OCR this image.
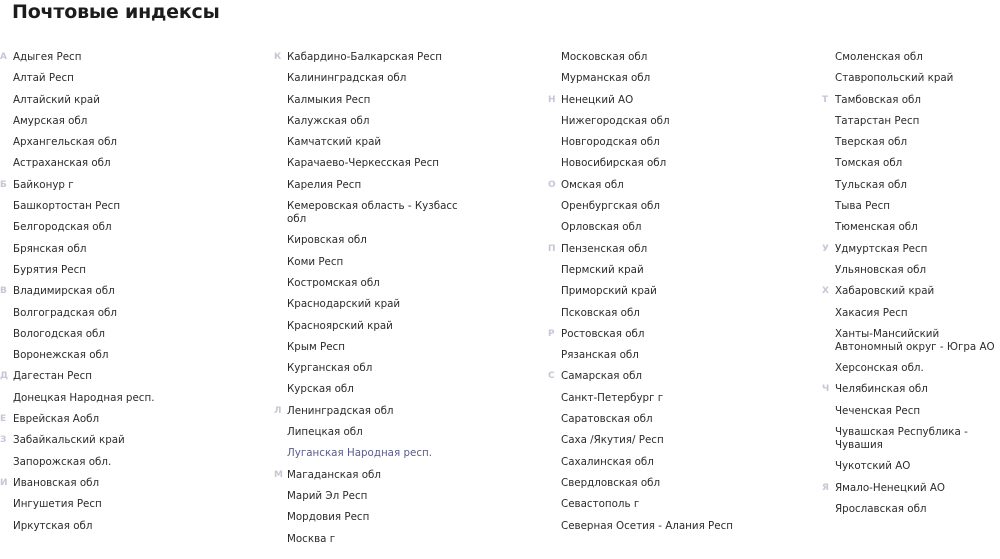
Почтовые индексы
А Адыгея Респ
Алтай Респ
Алтайский край
Амурская обл
Архангельская обл
Астраханская обл
Б Байконур г
Башкортостан Респ
Белгородская обл
Брянская обл
Бурятия Респ
В Владимирская обл
Волгоградская обл
Вологодская обл
Воронежская обл
Д Дагестан Респ
Донецкая Народная респ.
Е Еврейская Аобл
З Забайкальский край
Запорожская обл.
И Ивановская обл
Ингушетия Респ
Иркутская обл
К Кабардино-Балкарская Респ
Калининградская обл
Калмыкия Респ
Калужская обл
Камчатский край
Карачаево-Черкесская Респ
Карелия Респ
Кемеровская область - Кузбасс обл
Кировская обл
Коми Респ
Костромская обл
Краснодарский край
Красноярский край
Крым Респ
Курганская обл
Курская обл
Л Ленинградская обл
Липецкая обл
Луганская Народная респ.
М Магаданская обл
Марий Эл Респ
Мордовия Респ
Москва г
Московская обл
Мурманская обл
Н Ненецкий АО
Нижегородская обл
Новгородская обл
Новосибирская обл
О Омская обл
Оренбургская обл
Орловская обл
П Пензенская обл
Пермский край
Приморский край
Псковская обл
Р Ростовская обл
Рязанская обл
С Самарская обл
Санкт-Петербург г
Саратовская обл
Саха /Якутия/ Респ
Сахалинская обл
Свердловская обл
Севастополь г
Северная Осетия - Алания Респ
Смоленская обл
Ставропольский край
Т Тамбовская обл
Татарстан Респ
Тверская обл
Томская обл
Тульская обл
Тыва Респ
Тюменская обл
У Удмуртская Респ
Ульяновская обл
Х Хабаровский край
Хакасия Респ
Ханты-Мансийский Автономный округ - Югра АО
Херсонская обл.
Ч Челябинская обл
Чеченская Респ
Чувашская Республика - Чувашия
Чукотский АО
Я Ямало-Ненецкий АО
Ярославская обл
